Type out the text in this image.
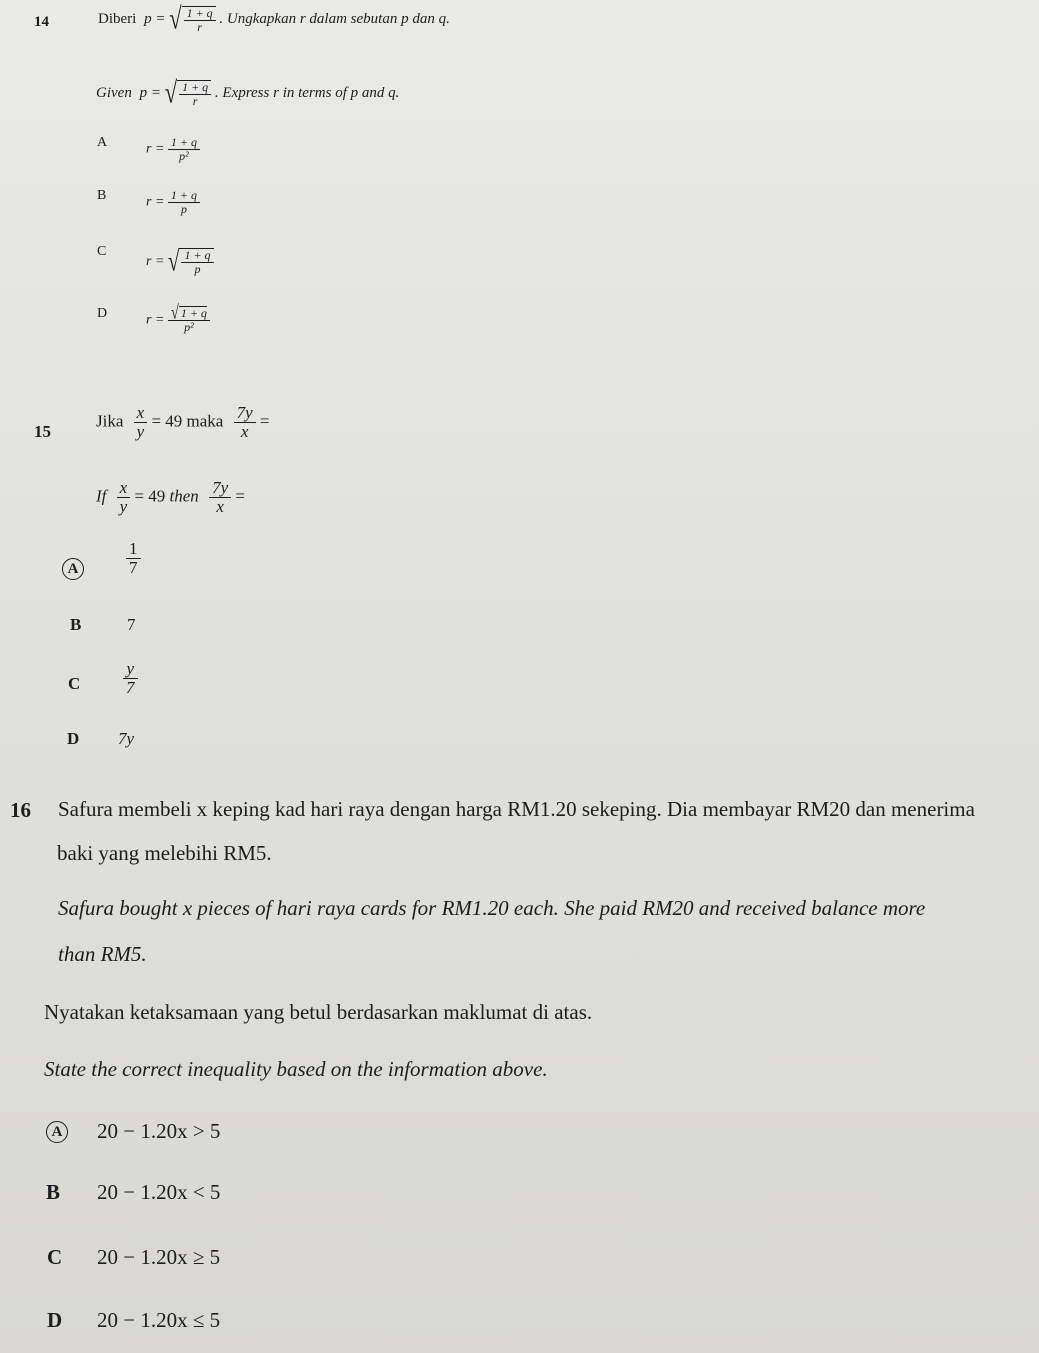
14	Diberi p = √ $\frac{1 + q}{r}$ . Ungkapkan r dalam sebutan p dan q.
Given p = √ $\frac{1 + q}{r}$ . Express r in terms of p and q.
A	$r = \frac{1 + q}{\text{p²}}$
B	$r = \frac{1 + q}{p}$
C
r = √ $\frac{1 + q}{p}$
D	$r = \frac{√ 1 + q}{\text{p²}}$
15
Jika $\frac{x}{y} = 49$ maka $\frac{7y}{x}$ =
If $\frac{x}{y} = 49$ then $\frac{7y}{x}$ =
A	$\frac{1}{7}$
B	7
C	$\frac{y}{7}$
D 7y
16 Safura membeli x keping kad hari raya dengan harga RM1.20 sekeping. Dia membayar RM20 dan menerima
baki yang melebihi RM5.
Safura bought x pieces of hari raya cards for RM1.20 each. She paid RM20 and received balance more
than RM5.
Nyatakan ketaksamaan yang betul berdasarkan maklumat di atas.
State the correct inequality based on the information above.
A 20 − 1.20x > 5
B 20 − 1.20x < 5
C 20 − 1.20x ≥ 5
D 20 − 1.20x ≤ 5
